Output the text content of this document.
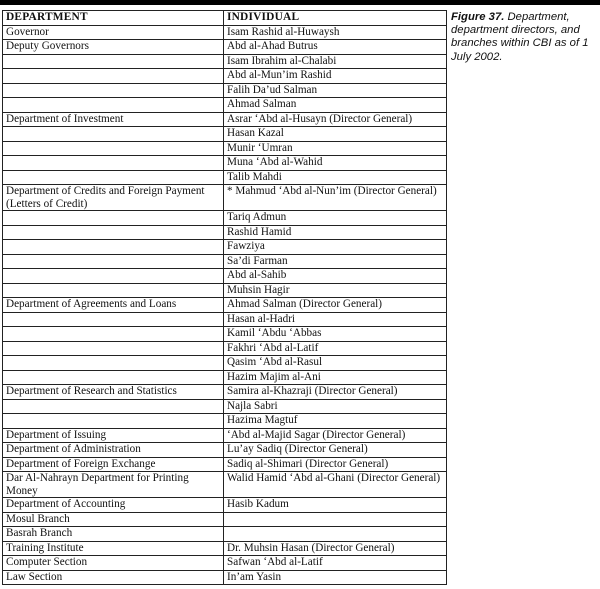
DEPARTMENT	INDIVIDUAL
Governor	Isam Rashid al-Huwaysh
Deputy Governors	Abd al-Ahad Butrus
	Isam Ibrahim al-Chalabi
	Abd al-Mun’im Rashid
	Falih Da’ud Salman
	Ahmad Salman
Department of Investment	Asrar ‘Abd al-Husayn (Director General)
	Hasan Kazal
	Munir ‘Umran
	Muna ‘Abd al-Wahid
	Talib Mahdi
Department of Credits and Foreign Payment (Letters of Credit)	* Mahmud ‘Abd al-Nun’im (Director General)
	Tariq Admun
	Rashid Hamid
	Fawziya
	Sa’di Farman
	Abd al-Sahib
	Muhsin Hagir
Department of Agreements and Loans	Ahmad Salman (Director General)
	Hasan al-Hadri
	Kamil ‘Abdu ‘Abbas
	Fakhri ‘Abd al-Latif
	Qasim ‘Abd al-Rasul
	Hazim Majim al-Ani
Department of Research and Statistics	Samira al-Khazraji (Director General)
	Najla Sabri
	Hazima Magtuf
Department of Issuing	‘Abd al-Majid Sagar (Director General)
Department of Administration	Lu’ay Sadiq (Director General)
Department of Foreign Exchange	Sadiq al-Shimari (Director General)
Dar Al-Nahrayn Department for Printing Money	Walid Hamid ‘Abd al-Ghani (Director General)
Department of Accounting	Hasib Kadum
Mosul Branch	
Basrah Branch	
Training Institute	Dr. Muhsin Hasan (Director General)
Computer Section	Safwan ‘Abd al-Latif
Law Section	In’am Yasin
Figure 37. Department, department directors, and branches within CBI as of 1 July 2002.
